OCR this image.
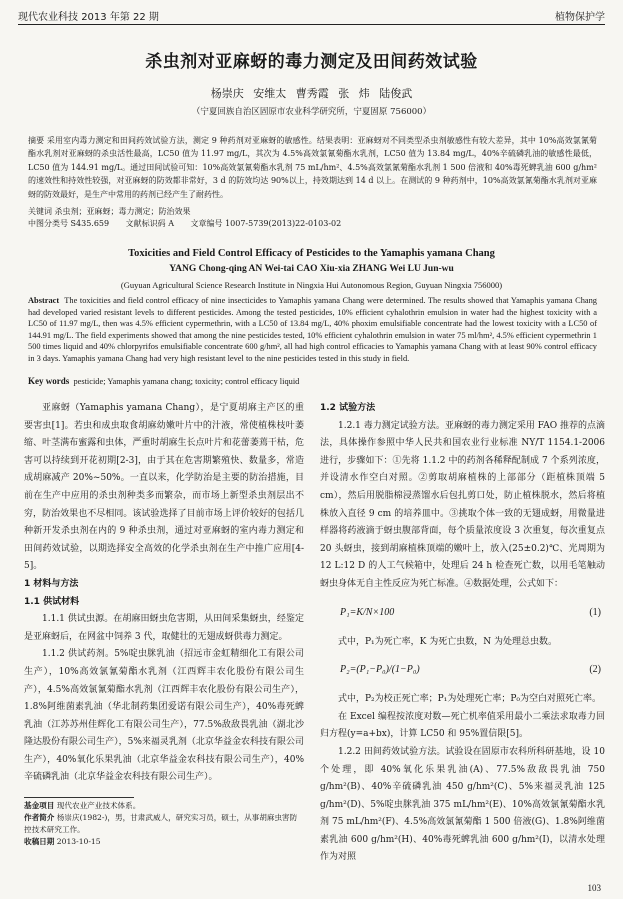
现代农业科技 2013 年第 22 期	植物保护学
杀虫剂对亚麻蚜的毒力测定及田间药效试验
杨崇庆 安维太 曹秀霞 张 炜 陆俊武
（宁夏回族自治区固原市农业科学研究所，宁夏固原 756000）
摘要 采用室内毒力测定和田间药效试验方法，测定 9 种药剂对亚麻蚜的敏感性。结果表明：亚麻蚜对不同类型杀虫剂敏感性有较大差异，其中 10%高效氯氰菊酯水乳剂对亚麻蚜的杀虫活性最高，LC50 值为 11.97 mg/L，其次为 4.5%高效氯氰菊酯水乳剂，LC50 值为 13.84 mg/L，40%辛硫磷乳油的敏感性最低，LC50 值为 144.91 mg/L。通过田间试验可知：10%高效氯氰菊酯水乳剂 75 mL/hm²、4.5%高效氯氰菊酯水乳剂 1 500 倍液和 40%毒死蜱乳油 600 g/hm² 的速效性和持效性较强，对亚麻蚜的防效都非常好，3 d 的防效均达 90%以上，持效期达到 14 d 以上。在测试的 9 种药剂中，10%高效氯氰菊酯水乳剂对亚麻蚜的防效最好，是生产中常用的药剂已经产生了耐药性。
关键词 杀虫剂；亚麻蚜；毒力测定；防治效果
中图分类号 S435.659 文献标识码 A 文章编号 1007-5739(2013)22-0103-02
Toxicities and Field Control Efficacy of Pesticides to the Yamaphis yamana Chang
YANG Chong-qing AN Wei-tai CAO Xiu-xia ZHANG Wei LU Jun-wu
(Guyuan Agricultural Science Research Institute in Ningxia Hui Autonomous Region, Guyuan Ningxia 756000)
Abstract The toxicities and field control efficacy of nine insecticides to Yamaphis yamana Chang were determined. The results showed that Yamaphis yamana Chang had developed varied resistant levels to different pesticides. Among the tested pesticides, 10% efficient cyhalothrin emulsion in water had the highest toxicity with a LC50 of 11.97 mg/L, then was 4.5% efficient cypermethrin, with a LC50 of 13.84 mg/L, 40% phoxim emulsifiable concentrate had the lowest toxicity with a LC50 of 144.91 mg/L. The field experiments showed that among the nine pesticides tested, 10% efficient cyhalothrin emulsion in water 75 ml/hm², 4.5% efficient cypermethrin 1 500 times liquid and 40% chlorpyrifos emulsifiable concentrate 600 g/hm², all had high control efficacies to Yamaphis yamana Chang with at least 90% control efficacy in 3 days. Yamaphis yamana Chang had very high resistant level to the nine pesticides tested in this study in field.
Key words pesticide; Yamaphis yamana chang; toxicity; control efficacy liquid

亚麻蚜（Yamaphis yamana Chang），是宁夏胡麻主产区的重要害虫[1]。若虫和成虫取食胡麻幼嫩叶片中的汁液，常使植株枝叶萎缩、叶茎满布蜜露和虫体，严重时胡麻生长点叶片和花蕾萎蔫干枯，危害可以持续到开花初期[2-3]，由于其在危害期繁殖快、数量多，常造成胡麻减产 20%~50%。一直以来，化学防治是主要的防治措施，目前在生产中应用的杀虫剂种类多而繁杂，而市场上新型杀虫剂层出不穷，防治效果也不尽相同。该试验选择了目前市场上评价较好的包括几种新开发杀虫剂在内的 9 种杀虫剂，通过对亚麻蚜的室内毒力测定和田间药效试验，以期选择安全高效的化学杀虫剂在生产中推广应用[4-5]。

1 材料与方法

1.1 供试材料

1.1.1 供试虫源。在胡麻田蚜虫危害期，从田间采集蚜虫，经鉴定是亚麻蚜后，在网盆中饲养 3 代，取健壮的无翅成蚜供毒力测定。

1.1.2 供试药剂。5%啶虫脒乳油（招远市金虹精细化工有限公司生产），10%高效氯氰菊酯水乳剂（江西辉丰农化股份有限公司生产），4.5%高效氯氰菊酯水乳剂（江西辉丰农化股份有限公司生产），1.8%阿维菌素乳油（华北制药集团爱诺有限公司生产），40%毒死蜱乳油（江苏苏州佳辉化工有限公司生产），77.5%敌敌畏乳油（湖北沙隆达股份有限公司生产），5%来福灵乳剂（北京华益金农科技有限公司生产），40%氧化乐果乳油（北京华益金农科技有限公司生产），40%辛硫磷乳油（北京华益金农科技有限公司生产）。

1.2 试验方法

1.2.1 毒力测定试验方法。亚麻蚜的毒力测定采用 FAO 推荐的点滴法，具体操作参照中华人民共和国农业行业标准 NY/T 1154.1-2006 进行，步骤如下：①先将 1.1.2 中的药剂各稀释配制成 7 个系列浓度，并设清水作空白对照。②剪取胡麻植株的上部部分（距植株顶端 5 cm），然后用脱脂棉浸蒸馏水后包扎剪口处，防止植株脱水，然后将植株放入直径 9 cm 的培养皿中。③挑取个体一致的无翅成蚜，用微量进样器将药液滴于蚜虫腹部背面，每个质量浓度设 3 次重复，每次重复点 20 头蚜虫，接到胡麻植株顶端的嫩叶上，放入(25±0.2)℃、光周期为 12 L:12 D 的人工气候箱中，处理后 24 h 检查死亡数，以用毛笔触动蚜虫身体无自主性反应为死亡标准。④数据处理，公式如下：

P₁=K/N×100	(1)

式中，P₁为死亡率，K 为死亡虫数，N 为处理总虫数。

P₂=(P₁−P₀)/(1−P₀)	(2)

式中，P₂为校正死亡率；P₁为处理死亡率；P₀为空白对照死亡率。

在 Excel 编程按浓度对数—死亡机率值采用最小二乘法求取毒力回归方程(y=a+bx)，计算 LC50 和 95%置信限[5]。

1.2.2 田间药效试验方法。试验设在固原市农科所科研基地，设 10 个处理，即 40%氧化乐果乳油(A)、77.5%敌敌畏乳油 750 g/hm²(B)、40%辛硫磷乳油 450 g/hm²(C)、5%来福灵乳油 125 g/hm²(D)、5%啶虫脒乳油 375 mL/hm²(E)、10%高效氯氰菊酯水乳剂 75 mL/hm²(F)、4.5%高效氯氰菊酯 1 500 倍液(G)、1.8%阿维菌素乳油 600 g/hm²(H)、40%毒死蜱乳油 600 g/hm²(I)，以清水处理作为对照

基金项目 现代农业产业技术体系。
作者简介 杨崇庆(1982-)，男，甘肃武威人，研究实习员，硕士，从事胡麻虫害防控技术研究工作。
收稿日期 2013-10-15
103
